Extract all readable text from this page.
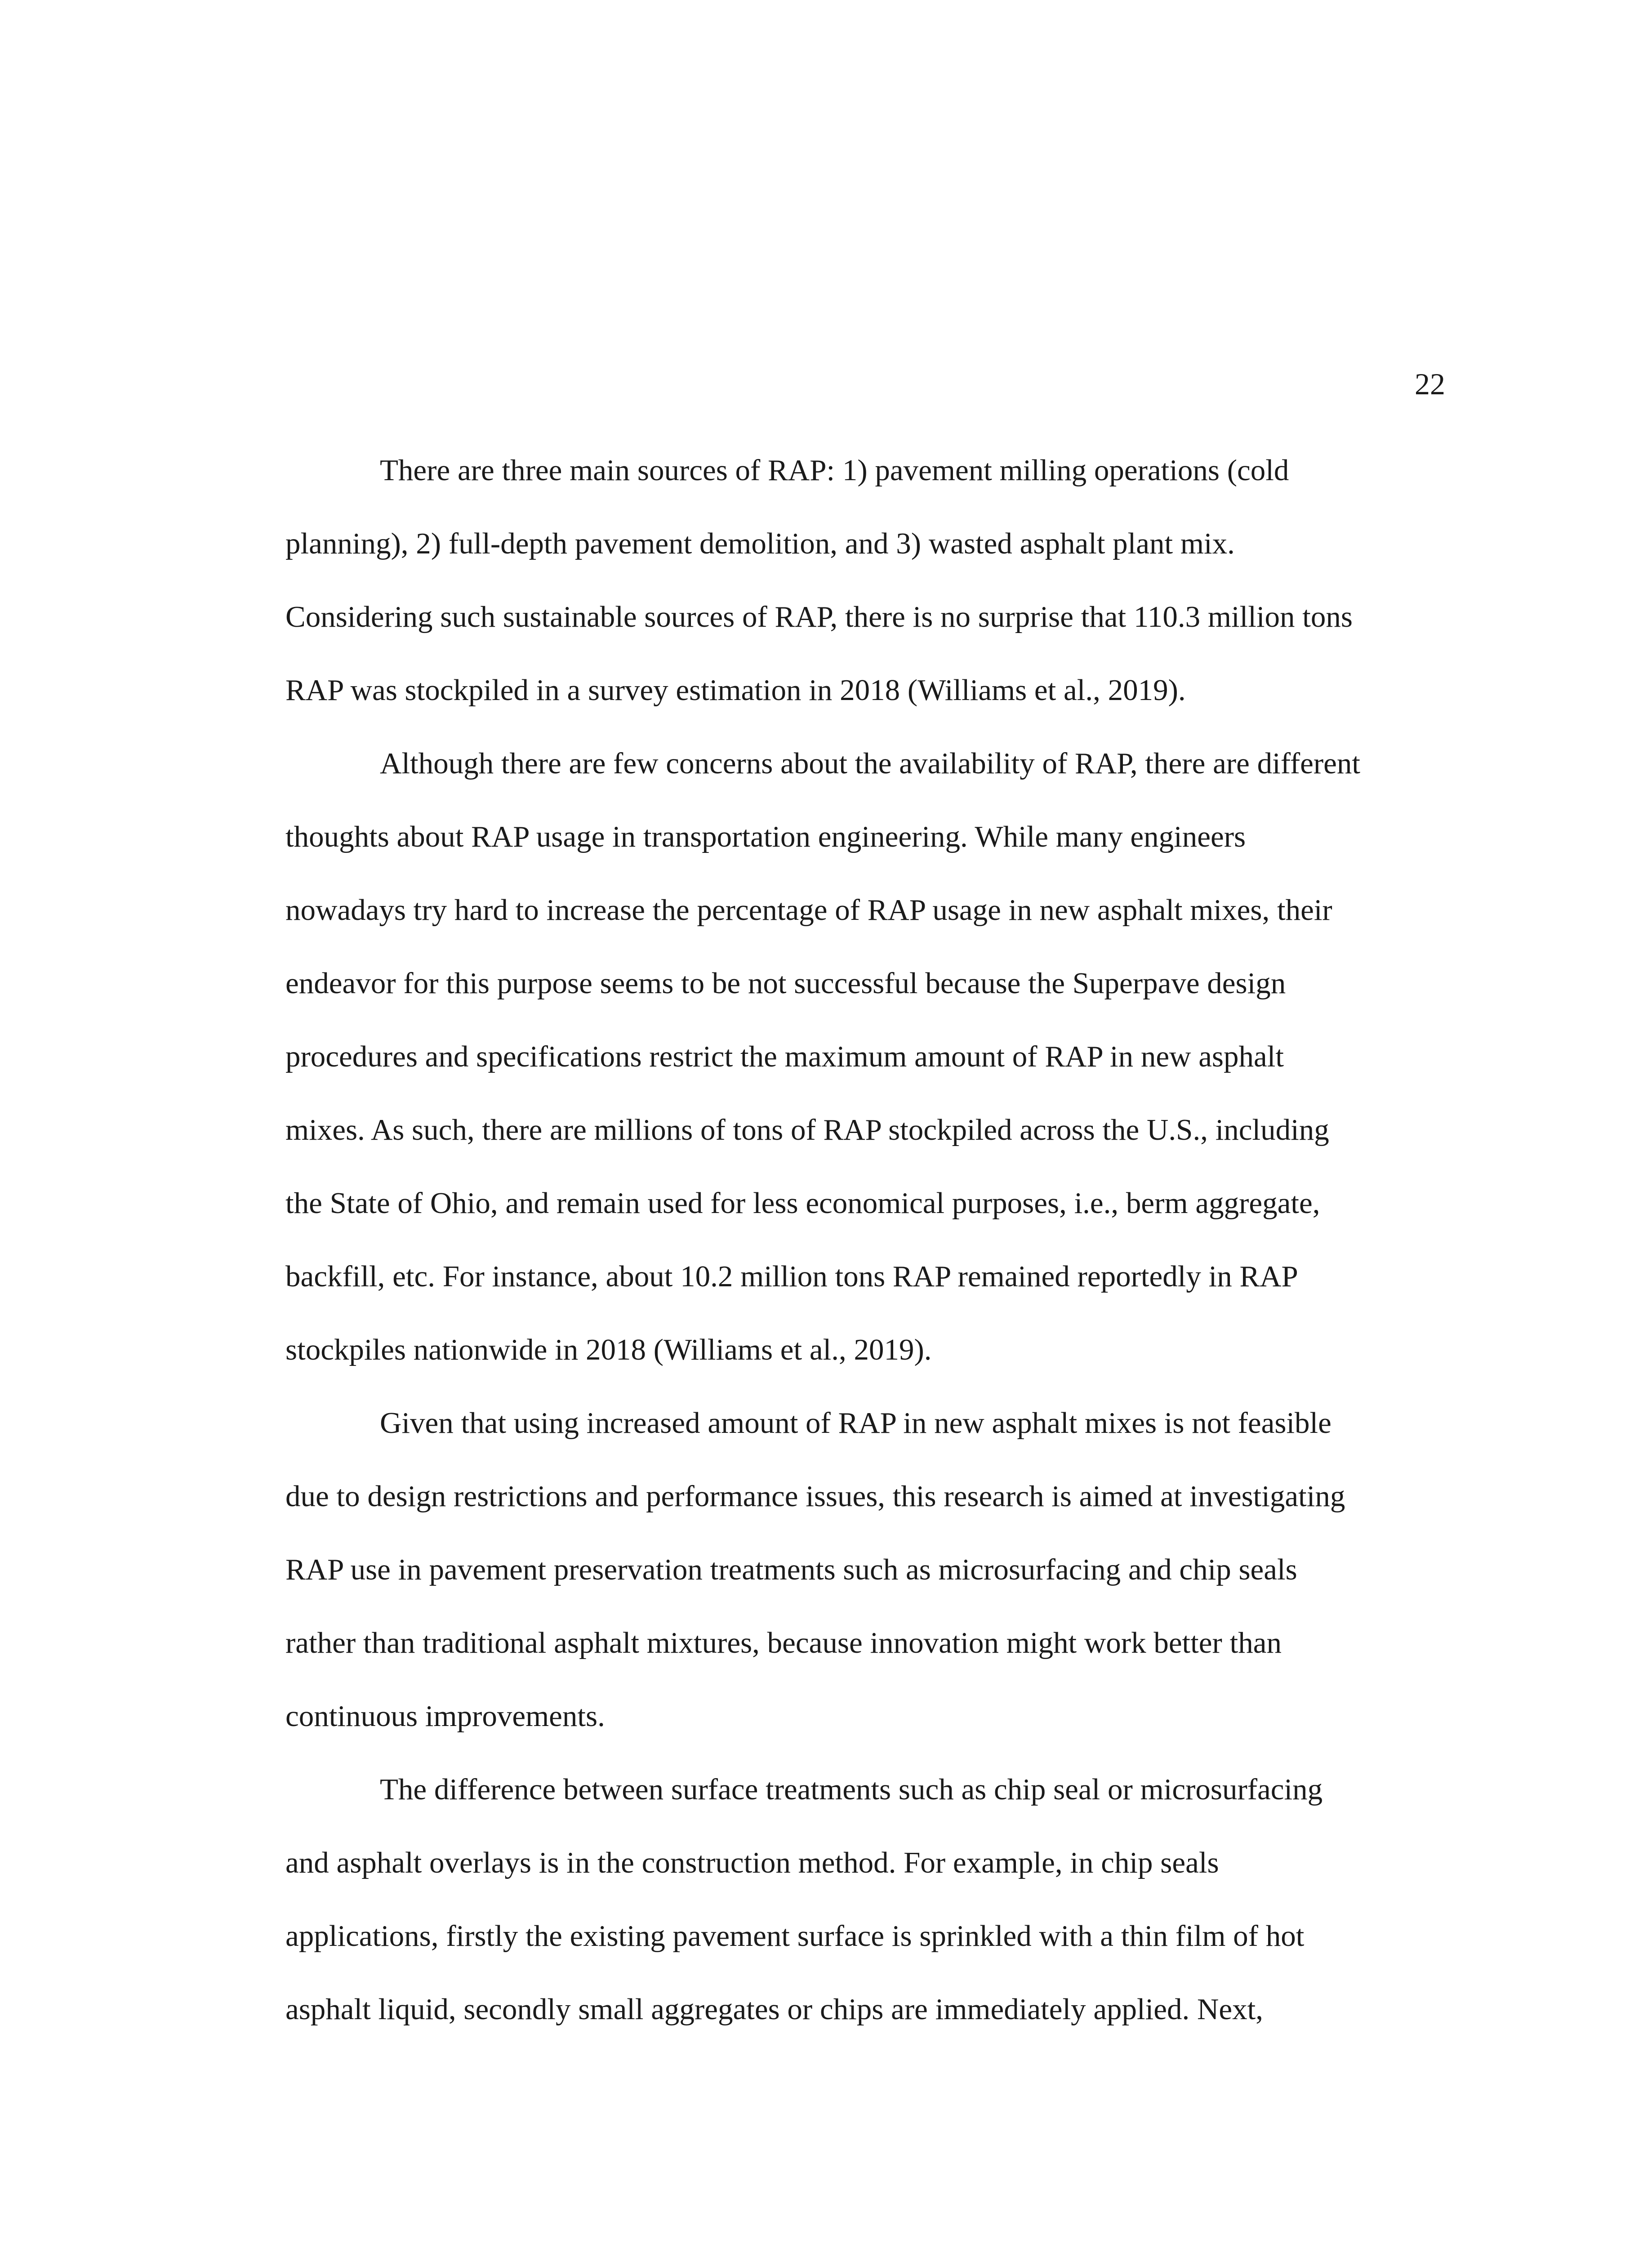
22
There are three main sources of RAP: 1) pavement milling operations (cold
planning), 2) full-depth pavement demolition, and 3) wasted asphalt plant mix.
Considering such sustainable sources of RAP, there is no surprise that 110.3 million tons
RAP was stockpiled in a survey estimation in 2018 (Williams et al., 2019).
Although there are few concerns about the availability of RAP, there are different
thoughts about RAP usage in transportation engineering. While many engineers
nowadays try hard to increase the percentage of RAP usage in new asphalt mixes, their
endeavor for this purpose seems to be not successful because the Superpave design
procedures and specifications restrict the maximum amount of RAP in new asphalt
mixes. As such, there are millions of tons of RAP stockpiled across the U.S., including
the State of Ohio, and remain used for less economical purposes, i.e., berm aggregate,
backfill, etc. For instance, about 10.2 million tons RAP remained reportedly in RAP
stockpiles nationwide in 2018 (Williams et al., 2019).
Given that using increased amount of RAP in new asphalt mixes is not feasible
due to design restrictions and performance issues, this research is aimed at investigating
RAP use in pavement preservation treatments such as microsurfacing and chip seals
rather than traditional asphalt mixtures, because innovation might work better than
continuous improvements.
The difference between surface treatments such as chip seal or microsurfacing
and asphalt overlays is in the construction method. For example, in chip seals
applications, firstly the existing pavement surface is sprinkled with a thin film of hot
asphalt liquid, secondly small aggregates or chips are immediately applied. Next,
